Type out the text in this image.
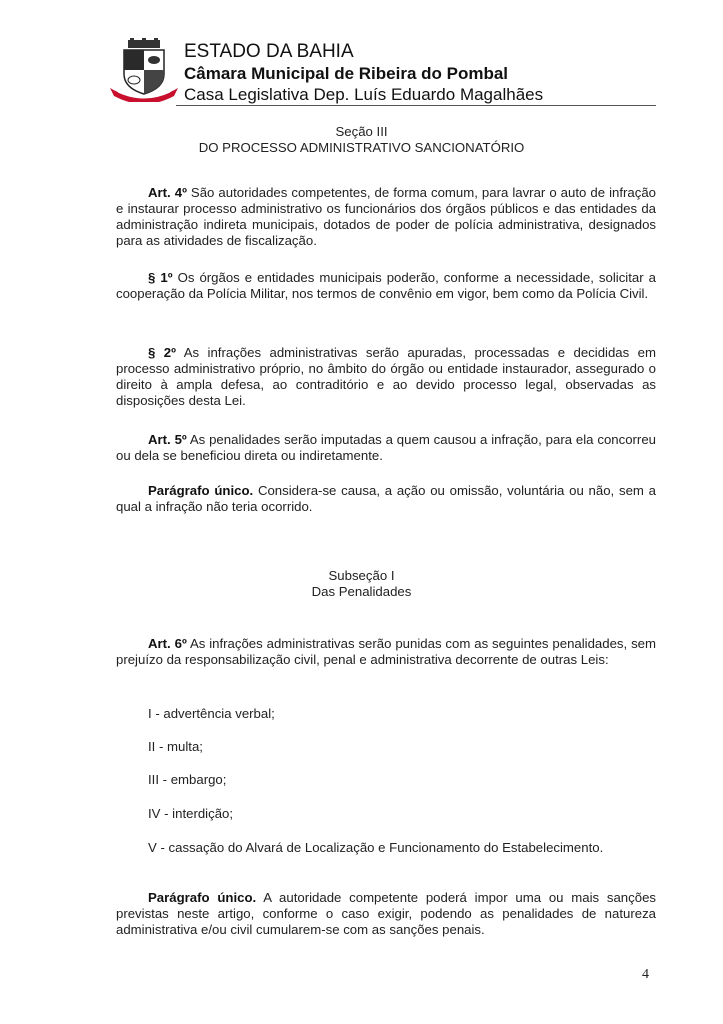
ESTADO DA BAHIA
Câmara Municipal de Ribeira do Pombal
Casa Legislativa Dep. Luís Eduardo Magalhães
Seção III
DO PROCESSO ADMINISTRATIVO SANCIONATÓRIO
Art. 4º São autoridades competentes, de forma comum, para lavrar o auto de infração e instaurar processo administrativo os funcionários dos órgãos públicos e das entidades da administração indireta municipais, dotados de poder de polícia administrativa, designados para as atividades de fiscalização.
§ 1º Os órgãos e entidades municipais poderão, conforme a necessidade, solicitar a cooperação da Polícia Militar, nos termos de convênio em vigor, bem como da Polícia Civil.
§ 2º As infrações administrativas serão apuradas, processadas e decididas em processo administrativo próprio, no âmbito do órgão ou entidade instaurador, assegurado o direito à ampla defesa, ao contraditório e ao devido processo legal, observadas as disposições desta Lei.
Art. 5º As penalidades serão imputadas a quem causou a infração, para ela concorreu ou dela se beneficiou direta ou indiretamente.
Parágrafo único. Considera-se causa, a ação ou omissão, voluntária ou não, sem a qual a infração não teria ocorrido.
Subseção I
Das Penalidades
Art. 6º As infrações administrativas serão punidas com as seguintes penalidades, sem prejuízo da responsabilização civil, penal e administrativa decorrente de outras Leis:
I - advertência verbal;
II - multa;
III - embargo;
IV - interdição;
V - cassação do Alvará de Localização e Funcionamento do Estabelecimento.
Parágrafo único. A autoridade competente poderá impor uma ou mais sanções previstas neste artigo, conforme o caso exigir, podendo as penalidades de natureza administrativa e/ou civil cumularem-se com as sanções penais.
4
